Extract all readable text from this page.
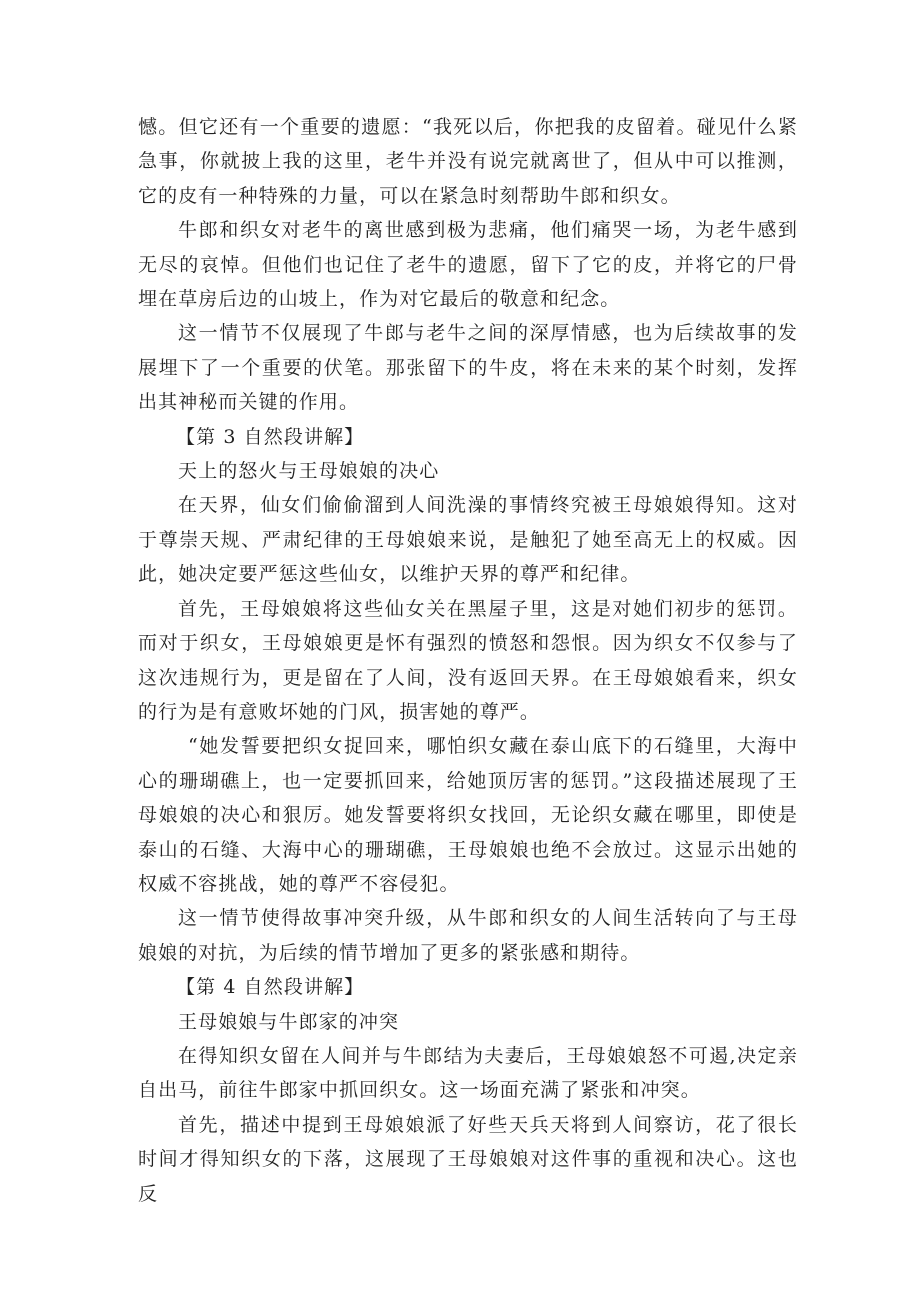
憾。但它还有一个重要的遗愿：“我死以后，你把我的皮留着。碰见什么紧急事，你就披上我的这里，老牛并没有说完就离世了，但从中可以推测，它的皮有一种特殊的力量，可以在紧急时刻帮助牛郎和织女。

牛郎和织女对老牛的离世感到极为悲痛，他们痛哭一场，为老牛感到无尽的哀悼。但他们也记住了老牛的遗愿，留下了它的皮，并将它的尸骨埋在草房后边的山坡上，作为对它最后的敬意和纪念。

这一情节不仅展现了牛郎与老牛之间的深厚情感，也为后续故事的发展埋下了一个重要的伏笔。那张留下的牛皮，将在未来的某个时刻，发挥出其神秘而关键的作用。

【第 3 自然段讲解】

天上的怒火与王母娘娘的决心

在天界，仙女们偷偷溜到人间洗澡的事情终究被王母娘娘得知。这对于尊崇天规、严肃纪律的王母娘娘来说，是触犯了她至高无上的权威。因此，她决定要严惩这些仙女，以维护天界的尊严和纪律。

首先，王母娘娘将这些仙女关在黑屋子里，这是对她们初步的惩罚。而对于织女，王母娘娘更是怀有强烈的愤怒和怨恨。因为织女不仅参与了这次违规行为，更是留在了人间，没有返回天界。在王母娘娘看来，织女的行为是有意败坏她的门风，损害她的尊严。

“她发誓要把织女捉回来，哪怕织女藏在泰山底下的石缝里，大海中心的珊瑚礁上，也一定要抓回来，给她顶厉害的惩罚。”这段描述展现了王母娘娘的决心和狠厉。她发誓要将织女找回，无论织女藏在哪里，即使是泰山的石缝、大海中心的珊瑚礁，王母娘娘也绝不会放过。这显示出她的权威不容挑战，她的尊严不容侵犯。

这一情节使得故事冲突升级，从牛郎和织女的人间生活转向了与王母娘娘的对抗，为后续的情节增加了更多的紧张感和期待。

【第 4 自然段讲解】

王母娘娘与牛郎家的冲突

在得知织女留在人间并与牛郎结为夫妻后，王母娘娘怒不可遏,决定亲自出马，前往牛郎家中抓回织女。这一场面充满了紧张和冲突。

首先，描述中提到王母娘娘派了好些天兵天将到人间察访，花了很长时间才得知织女的下落，这展现了王母娘娘对这件事的重视和决心。这也反
